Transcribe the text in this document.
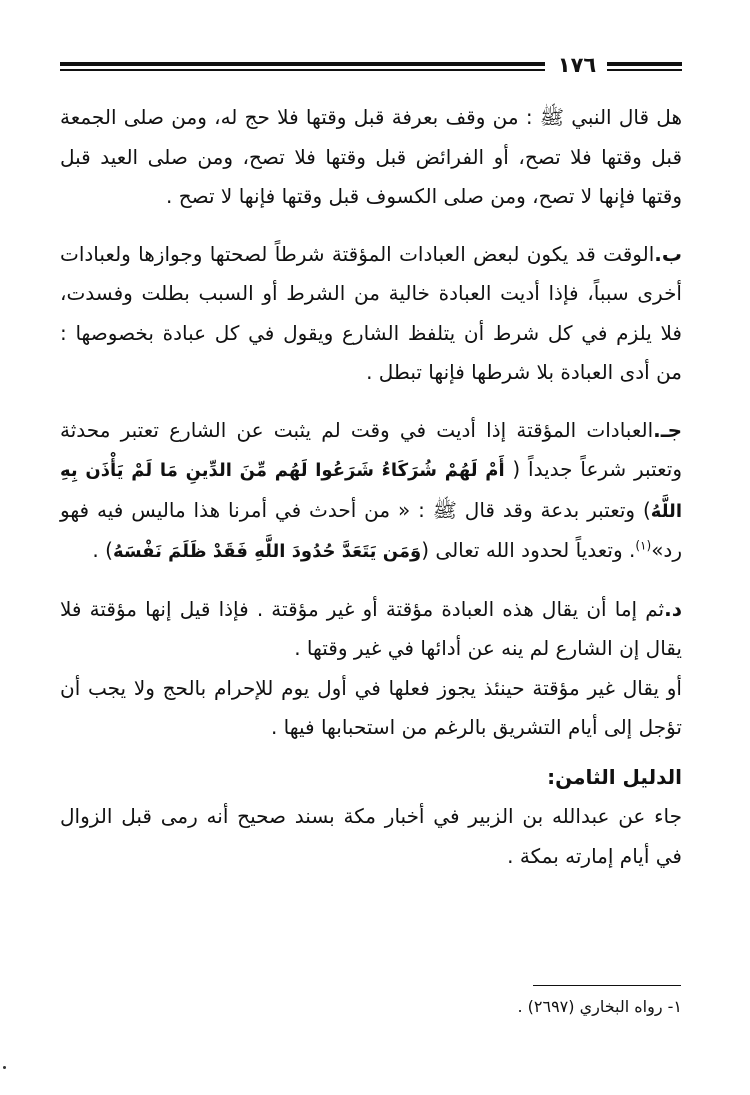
١٧٦

هل قال النبي ﷺ : من وقف بعرفة قبل وقتها فلا حج له، ومن صلى الجمعة قبل وقتها فلا تصح، أو الفرائض قبل وقتها فلا تصح، ومن صلى العيد قبل وقتها فإنها لا تصح، ومن صلى الكسوف قبل وقتها فإنها لا تصح .

ب.الوقت قد يكون لبعض العبادات المؤقتة شرطاً لصحتها وجوازها ولعبادات أخرى سبباً، فإذا أديت العبادة خالية من الشرط أو السبب بطلت وفسدت، فلا يلزم في كل شرط أن يتلفظ الشارع ويقول في كل عبادة بخصوصها : من أدى العبادة بلا شرطها فإنها تبطل .

جـ.العبادات المؤقتة إذا أديت في وقت لم يثبت عن الشارع تعتبر محدثة وتعتبر شرعاً جديداً ( أَمْ لَهُمْ شُرَكَاءُ شَرَعُوا لَهُم مِّنَ الدِّينِ مَا لَمْ يَأْذَن بِهِ اللَّهُ) وتعتبر بدعة وقد قال ﷺ : « من أحدث في أمرنا هذا ماليس فيه فهو رد»$^{(١)}$. وتعدياً لحدود الله تعالى (وَمَن يَتَعَدَّ حُدُودَ اللَّهِ فَقَدْ ظَلَمَ نَفْسَهُ) .

د.ثم إما أن يقال هذه العبادة مؤقتة أو غير مؤقتة . فإذا قيل إنها مؤقتة فلا يقال إن الشارع لم ينه عن أدائها في غير وقتها .

أو يقال غير مؤقتة حينئذ يجوز فعلها في أول يوم للإحرام بالحج ولا يجب أن تؤجل إلى أيام التشريق بالرغم من استحبابها فيها .

الدليل الثامن:

جاء عن عبدالله بن الزبير في أخبار مكة بسند صحيح أنه رمى قبل الزوال في أيام إمارته بمكة .

١- رواه البخاري (٢٦٩٧) .
